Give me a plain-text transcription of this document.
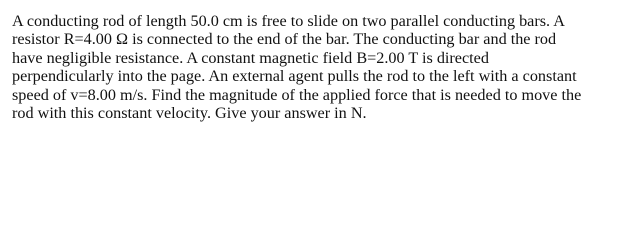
A conducting rod of length 50.0 cm is free to slide on two parallel conducting bars. A
resistor R=4.00 Ω is connected to the end of the bar. The conducting bar and the rod
have negligible resistance. A constant magnetic field B=2.00 T is directed
perpendicularly into the page. An external agent pulls the rod to the left with a constant
speed of v=8.00 m/s. Find the magnitude of the applied force that is needed to move the
rod with this constant velocity. Give your answer in N.
